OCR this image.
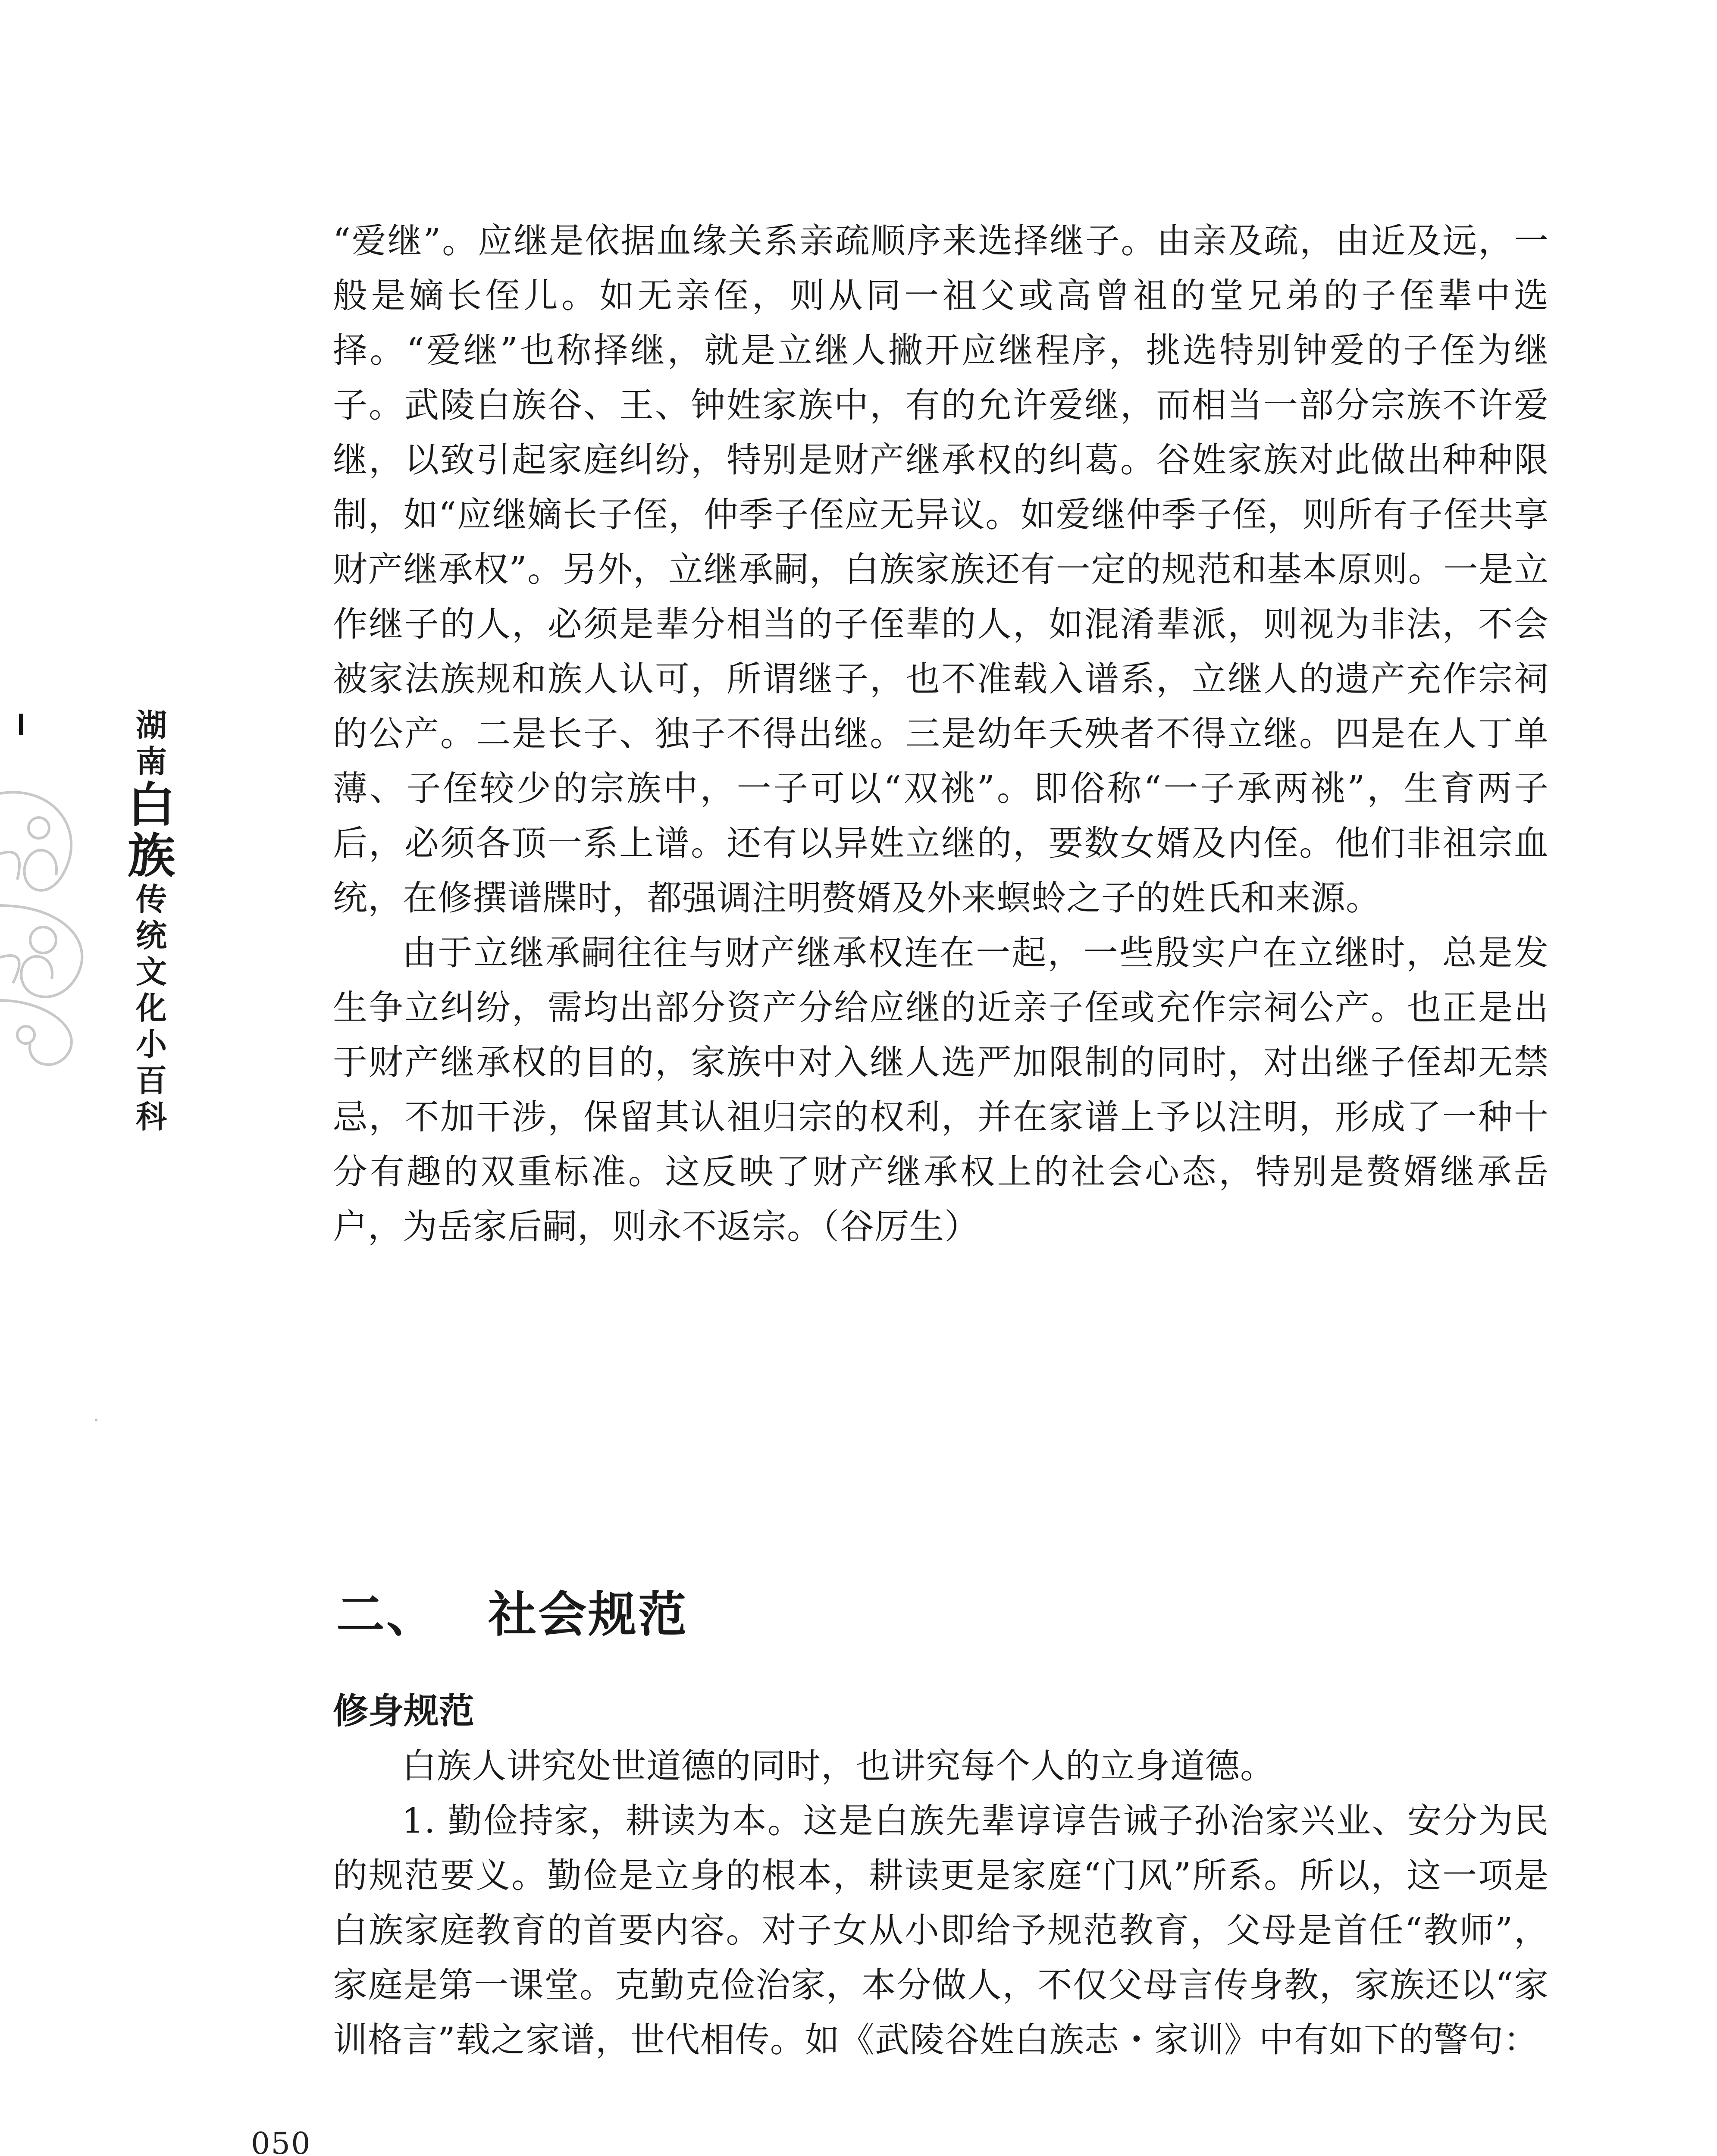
湖
南
白
族
传
统
文
化
小
百
科

“爱继”。应继是依据血缘关系亲疏顺序来选择继子。由亲及疏，由近及远，一般是嫡长侄儿。如无亲侄，则从同一祖父或高曾祖的堂兄弟的子侄辈中选择。“爱继”也称择继，就是立继人撇开应继程序，挑选特别钟爱的子侄为继子。武陵白族谷、王、钟姓家族中，有的允许爱继，而相当一部分宗族不许爱继，以致引起家庭纠纷，特别是财产继承权的纠葛。谷姓家族对此做出种种限制，如“应继嫡长子侄，仲季子侄应无异议。如爱继仲季子侄，则所有子侄共享财产继承权”。另外，立继承嗣，白族家族还有一定的规范和基本原则。一是立作继子的人，必须是辈分相当的子侄辈的人，如混淆辈派，则视为非法，不会被家法族规和族人认可，所谓继子，也不准载入谱系，立继人的遗产充作宗祠的公产。二是长子、独子不得出继。三是幼年夭殃者不得立继。四是在人丁单薄、子侄较少的宗族中，一子可以“双祧”。即俗称“一子承两祧”，生育两子后，必须各顶一系上谱。还有以异姓立继的，要数女婿及内侄。他们非祖宗血统，在修撰谱牒时，都强调注明赘婿及外来螟蛉之子的姓氏和来源。

由于立继承嗣往往与财产继承权连在一起，一些殷实户在立继时，总是发生争立纠纷，需均出部分资产分给应继的近亲子侄或充作宗祠公产。也正是出于财产继承权的目的，家族中对入继人选严加限制的同时，对出继子侄却无禁忌，不加干涉，保留其认祖归宗的权利，并在家谱上予以注明，形成了一种十分有趣的双重标准。这反映了财产继承权上的社会心态，特别是赘婿继承岳户，为岳家后嗣，则永不返宗。（谷厉生）

二、 社会规范

修身规范

白族人讲究处世道德的同时，也讲究每个人的立身道德。

1. 勤俭持家，耕读为本。这是白族先辈谆谆告诫子孙治家兴业、安分为民的规范要义。勤俭是立身的根本，耕读更是家庭“门风”所系。所以，这一项是白族家庭教育的首要内容。对子女从小即给予规范教育，父母是首任“教师”，家庭是第一课堂。克勤克俭治家，本分做人，不仅父母言传身教，家族还以“家训格言”载之家谱，世代相传。如《武陵谷姓白族志・家训》中有如下的警句：

050
